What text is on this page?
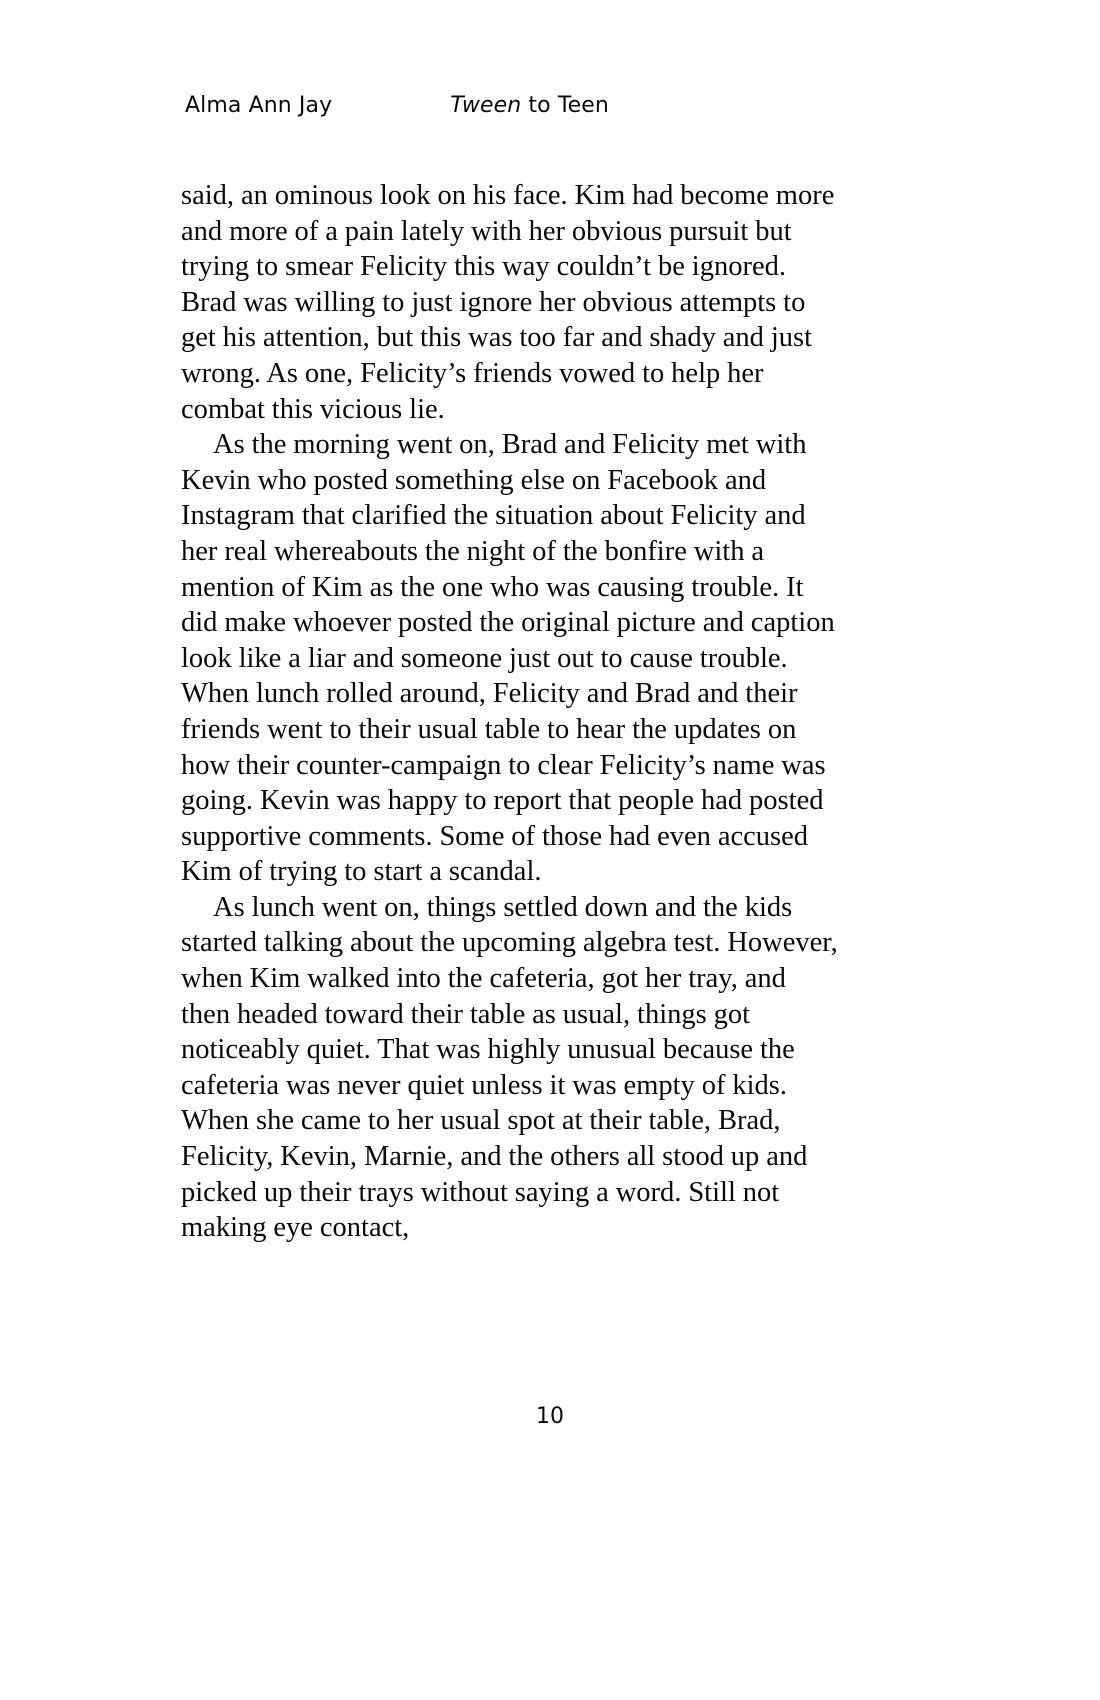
Alma Ann Jay	Tween to Teen

said, an ominous look on his face. Kim had become more and more of a pain lately with her obvious pursuit but trying to smear Felicity this way couldn’t be ignored. Brad was willing to just ignore her obvious attempts to get his attention, but this was too far and shady and just wrong. As one, Felicity’s friends vowed to help her combat this vicious lie.

As the morning went on, Brad and Felicity met with Kevin who posted something else on Facebook and Instagram that clarified the situation about Felicity and her real whereabouts the night of the bonfire with a mention of Kim as the one who was causing trouble. It did make whoever posted the original picture and caption look like a liar and someone just out to cause trouble. When lunch rolled around, Felicity and Brad and their friends went to their usual table to hear the updates on how their counter-campaign to clear Felicity’s name was going. Kevin was happy to report that people had posted supportive comments. Some of those had even accused Kim of trying to start a scandal.

As lunch went on, things settled down and the kids started talking about the upcoming algebra test. However, when Kim walked into the cafeteria, got her tray, and then headed toward their table as usual, things got noticeably quiet. That was highly unusual because the cafeteria was never quiet unless it was empty of kids. When she came to her usual spot at their table, Brad, Felicity, Kevin, Marnie, and the others all stood up and picked up their trays without saying a word. Still not making eye contact,

10
